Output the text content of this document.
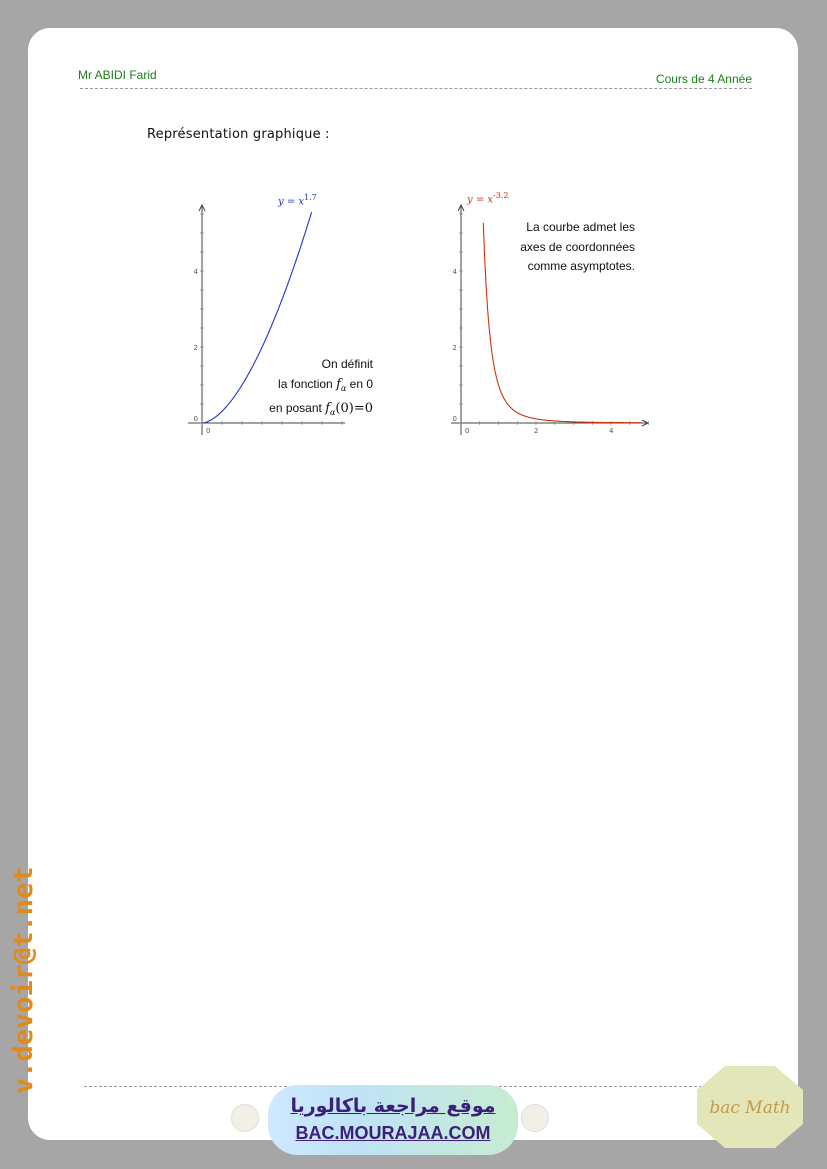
Mr ABIDI Farid	Cours de 4 Année
Représentation graphique :
0
2
4
0
$y = x^{1.7}$
On définit
la fonction $f_\alpha$ en 0
en posant $f_\alpha(0)=0$
0
2
4
0	2	4
$y = x^{-3.2}$
La courbe admet les
axes de coordonnées
comme asymptotes.
v.devoir@t.net
موقع مراجعة باكالوريا
BAC.MOURAJAA.COM
bac Math
